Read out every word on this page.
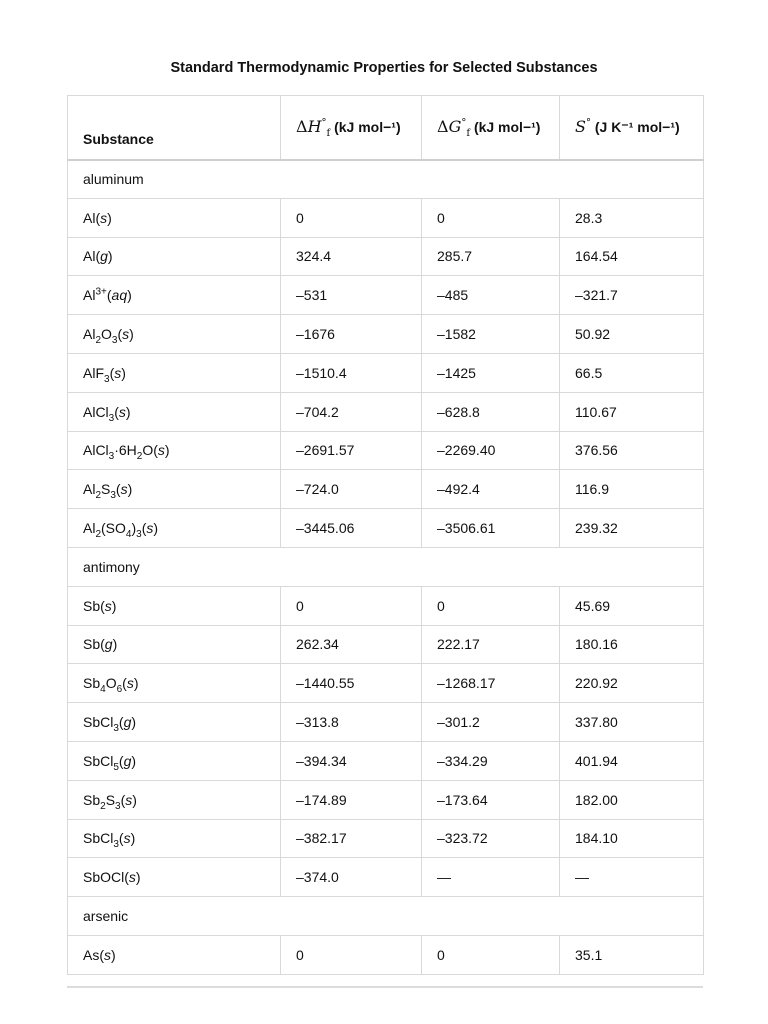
Standard Thermodynamic Properties for Selected Substances
Substance	$\Delta H^\circ_f$ (kJ mol−¹)	$\Delta G^\circ_f$ (kJ mol−¹)	S° (J K⁻¹ mol−¹)
aluminum			
Al(s)	0	0	28.3
Al(g)	324.4	285.7	164.54
$Al^{3+}(aq)$	–531	–485	–321.7
$Al_2O_3(s)$	–1676	–1582	50.92
AlF$_3$(s)	–1510.4	–1425	66.5
AlCl$_3$(s)	–704.2	–628.8	110.67
$AlCl_3\cdot 6H_2O(s)$	–2691.57	–2269.40	376.56
$Al_2S_3(s)$	–724.0	–492.4	116.9
$Al_2(SO_4)_3(s)$	–3445.06	–3506.61	239.32
antimony			
Sb(s)	0	0	45.69
Sb(g)	262.34	222.17	180.16
$Sb_4O_6(s)$	–1440.55	–1268.17	220.92
SbCl$_3$(g)	–313.8	–301.2	337.80
SbCl$_5$(g)	–394.34	–334.29	401.94
$Sb_2S_3(s)$	–174.89	–173.64	182.00
SbCl$_3$(s)	–382.17	–323.72	184.10
SbOCl(s)	–374.0	—	—
arsenic			
As(s)	0	0	35.1
